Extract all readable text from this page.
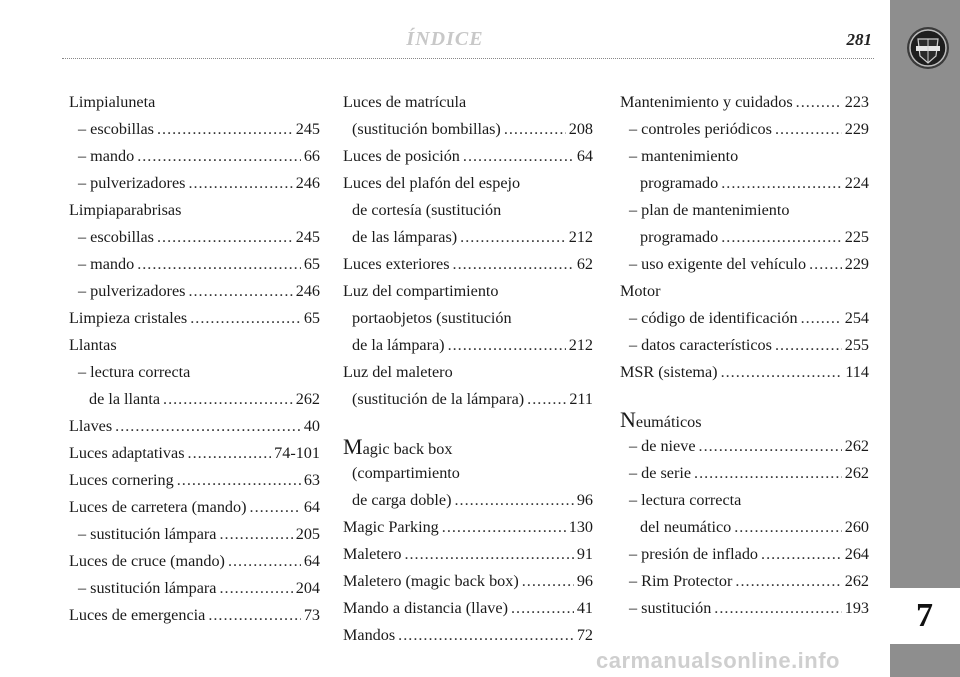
ÍNDICE	281
7
carmanualsonline.info
Limpialuneta
– escobillas .....	245
– mando .....	66
– pulverizadores .....	246
Limpiaparabrisas
– escobillas .....	245
– mando .....	65
– pulverizadores .....	246
Limpieza cristales .....	65
Llantas
– lectura correcta
de la llanta .....	262
Llaves .....	40
Luces adaptativas .....	74-101
Luces cornering .....	63
Luces de carretera (mando) .....	64
– sustitución lámpara .....	205
Luces de cruce (mando) .....	64
– sustitución lámpara .....	204
Luces de emergencia .....	73
Luces de matrícula
(sustitución bombillas) .....	208
Luces de posición .....	64
Luces del plafón del espejo
de cortesía (sustitución
de las lámparas) .....	212
Luces exteriores .....	62
Luz del compartimiento
portaobjetos (sustitución
de la lámpara) .....	212
Luz del maletero
(sustitución de la lámpara) .....	211
Magic back box
(compartimiento
de carga doble) .....	96
Magic Parking .....	130
Maletero .....	91
Maletero (magic back box) .....	96
Mando a distancia (llave) .....	41
Mandos .....	72
Mantenimiento y cuidados .....	223
– controles periódicos .....	229
– mantenimiento
programado .....	224
– plan de mantenimiento
programado .....	225
– uso exigente del vehículo ..... 229
Motor
– código de identificación .....	254
– datos característicos .....	255
MSR (sistema) .....	114
Neumáticos
– de nieve .....	262
– de serie .....	262
– lectura correcta
del neumático .....	260
– presión de inflado .....	264
– Rim Protector .....	262
– sustitución .....	193
